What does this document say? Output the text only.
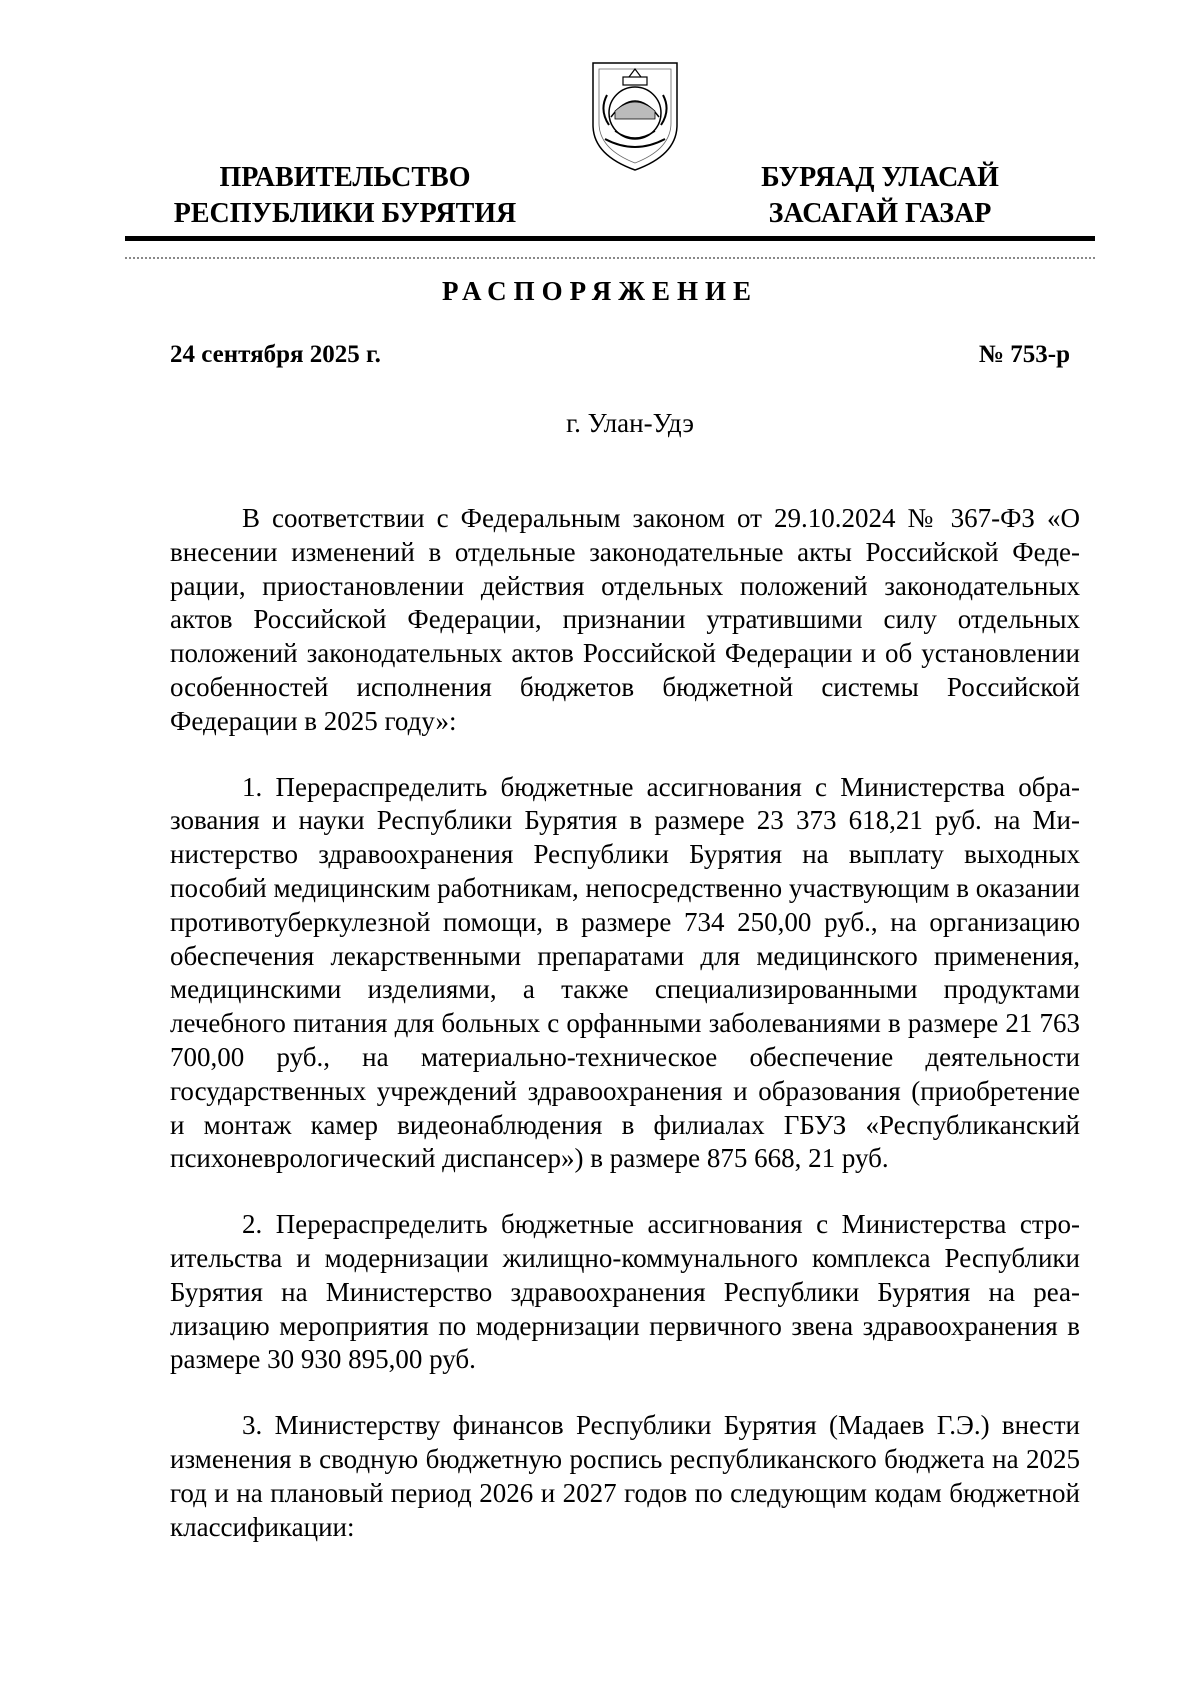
ПРАВИТЕЛЬСТВО
РЕСПУБЛИКИ БУРЯТИЯ
БУРЯАД УЛАСАЙ
ЗАСАГАЙ ГАЗАР
РАСПОРЯЖЕНИЕ
24 сентября 2025 г.	№ 753-р
г. Улан-Удэ

В соответствии с Федеральным законом от 29.10.2024 № 367-ФЗ «О внесении изменений в отдельные законодательные акты Российской Федерации, приостановлении действия отдельных положений законодательных актов Российской Федерации, признании утратившими силу отдельных положений законодательных актов Российской Федерации и об установлении особенностей исполнения бюджетов бюджетной системы Российской Федерации в 2025 году»:

1. Перераспределить бюджетные ассигнования с Министерства образования и науки Республики Бурятия в размере 23 373 618,21 руб. на Министерство здравоохранения Республики Бурятия на выплату выходных пособий медицинским работникам, непосредственно участвующим в оказании противотуберкулезной помощи, в размере 734 250,00 руб., на организацию обеспечения лекарственными препаратами для медицинского применения, медицинскими изделиями, а также специализированными продуктами лечебного питания для больных с орфанными заболеваниями в размере 21 763 700,00 руб., на материально-техническое обеспечение деятельности государственных учреждений здравоохранения и образования (приобретение и монтаж камер видеонаблюдения в филиалах ГБУЗ «Республиканский психоневрологический диспансер») в размере 875 668, 21 руб.

2. Перераспределить бюджетные ассигнования с Министерства строительства и модернизации жилищно-коммунального комплекса Республики Бурятия на Министерство здравоохранения Республики Бурятия на реализацию мероприятия по модернизации первичного звена здравоохранения в размере 30 930 895,00 руб.

3. Министерству финансов Республики Бурятия (Мадаев Г.Э.) внести изменения в сводную бюджетную роспись республиканского бюджета на 2025 год и на плановый период 2026 и 2027 годов по следующим кодам бюджетной классификации:
